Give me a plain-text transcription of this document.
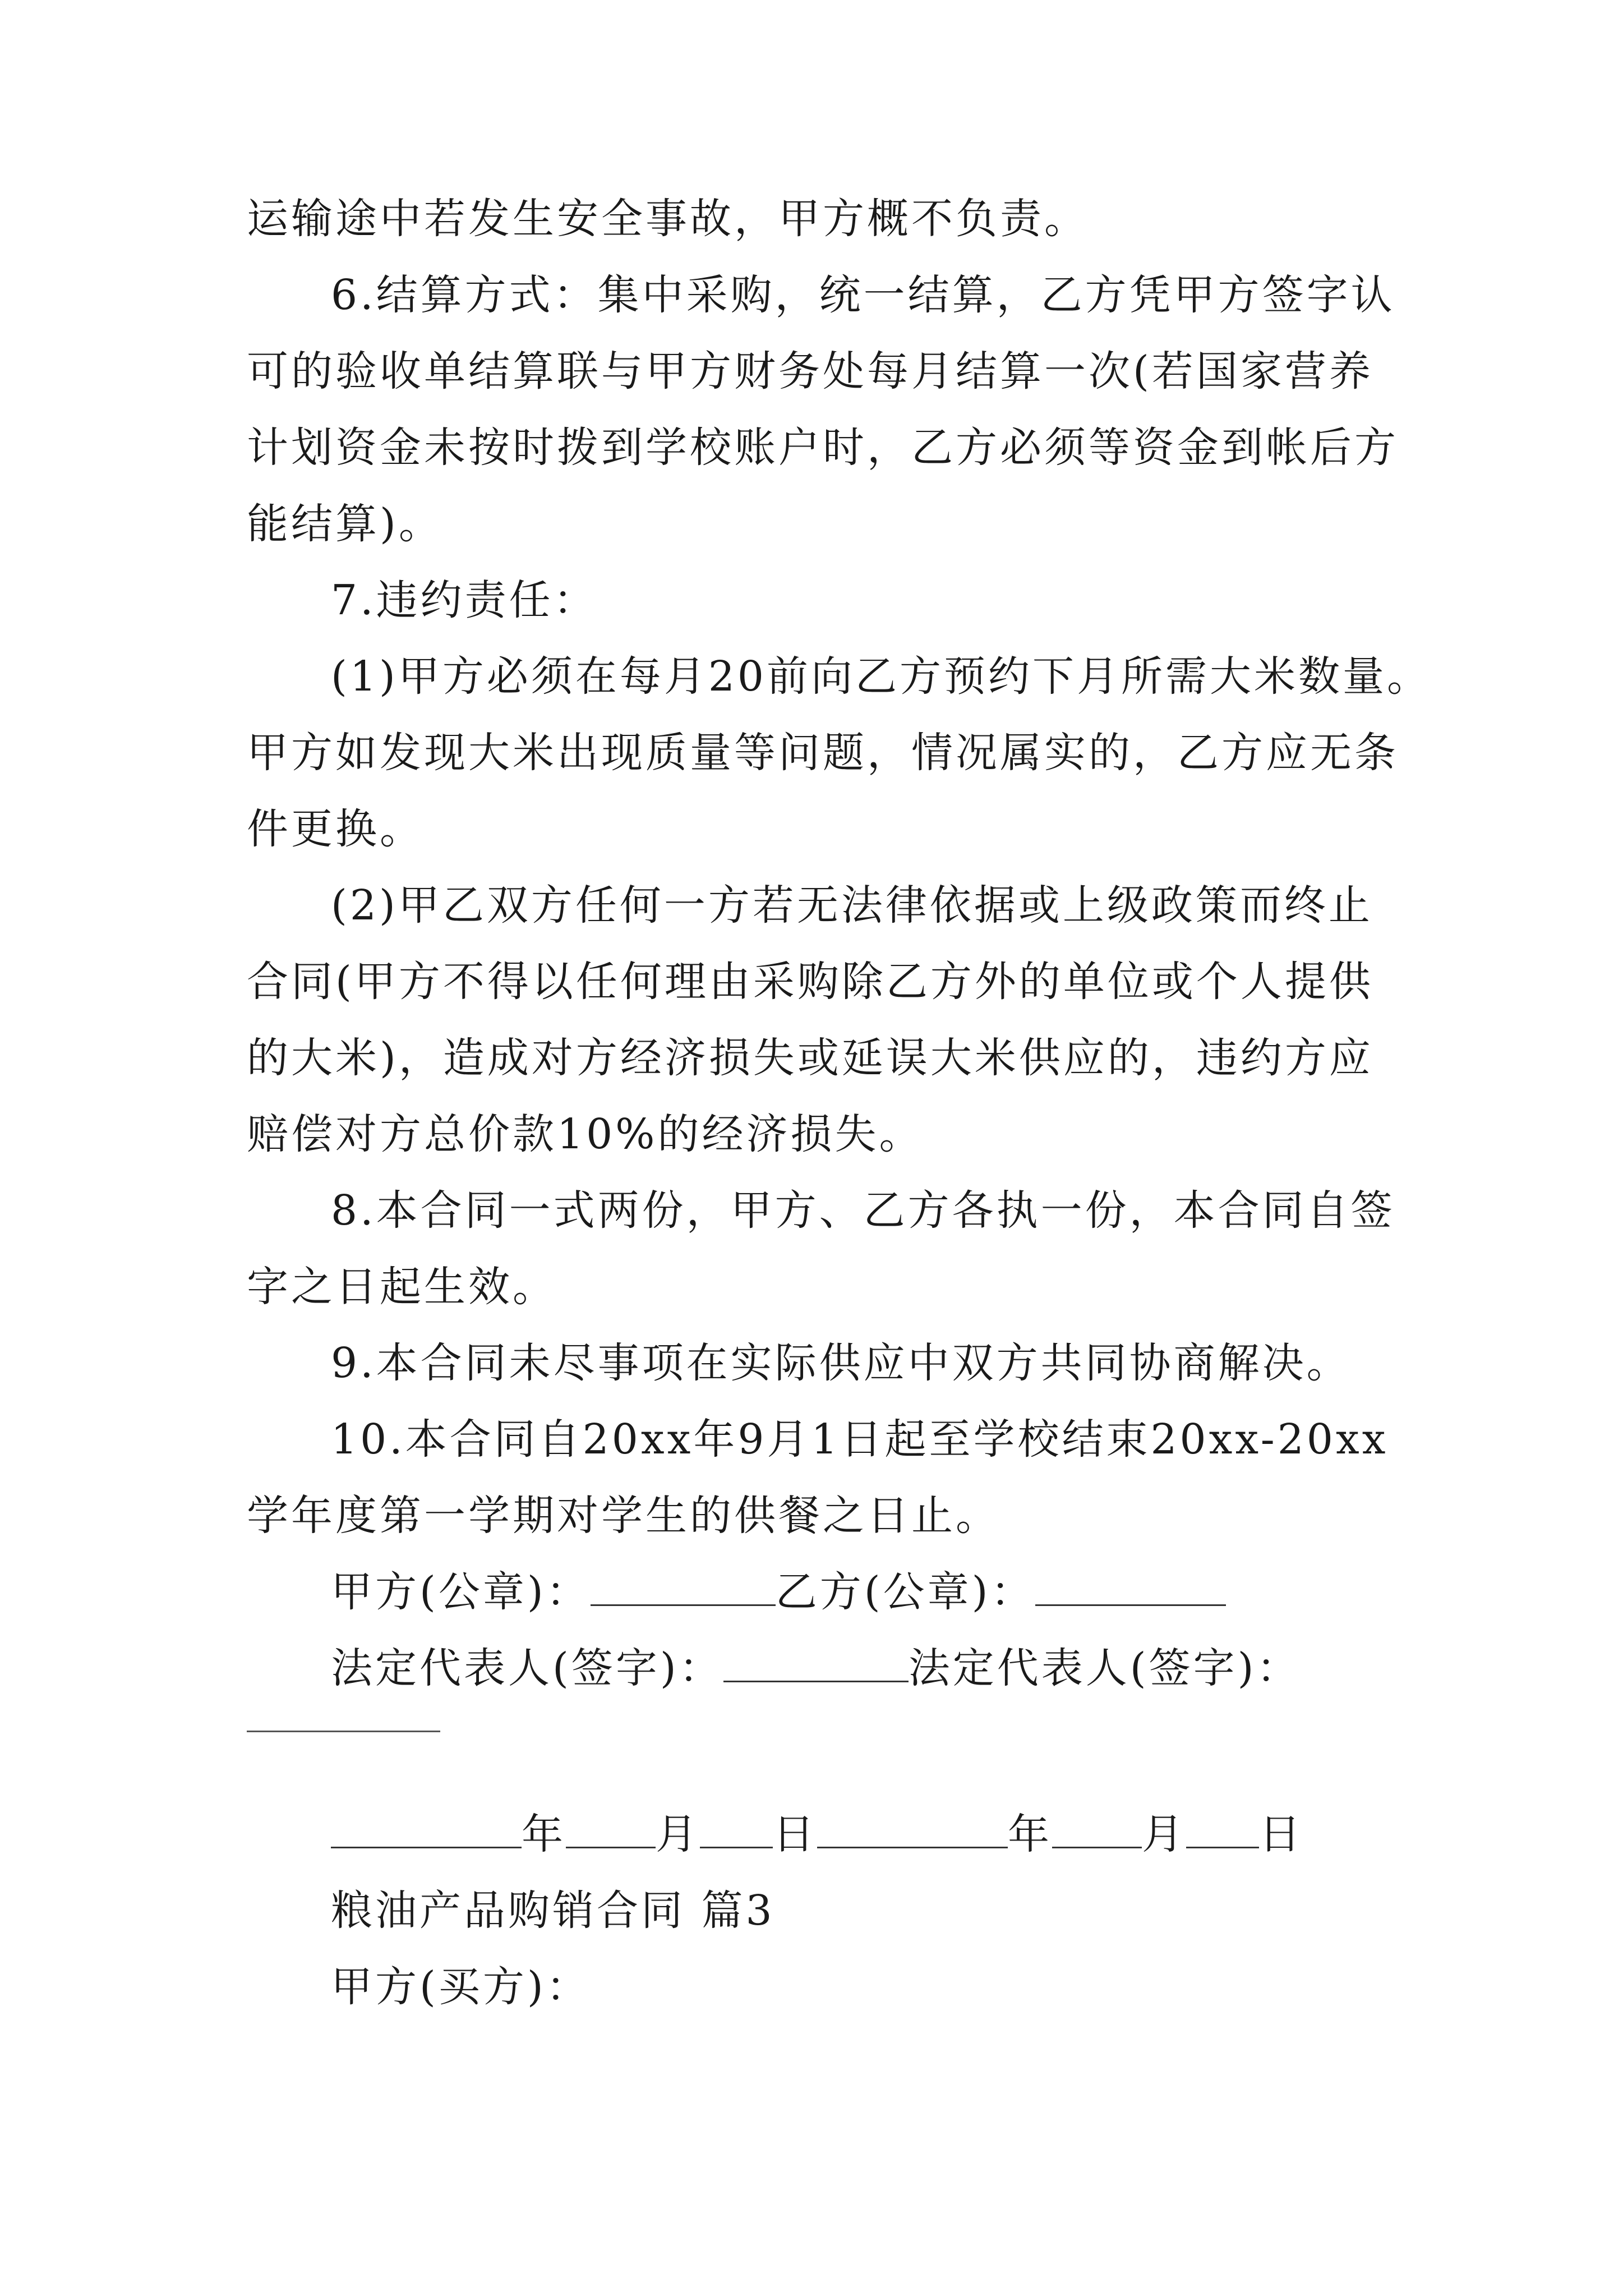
运输途中若发生安全事故，甲方概不负责。
6.结算方式：集中采购，统一结算，乙方凭甲方签字认
可的验收单结算联与甲方财务处每月结算一次(若国家营养
计划资金未按时拨到学校账户时，乙方必须等资金到帐后方
能结算)。
7.违约责任：
(1)甲方必须在每月20前向乙方预约下月所需大米数量。
甲方如发现大米出现质量等问题，情况属实的，乙方应无条
件更换。
(2)甲乙双方任何一方若无法律依据或上级政策而终止
合同(甲方不得以任何理由采购除乙方外的单位或个人提供
的大米)，造成对方经济损失或延误大米供应的，违约方应
赔偿对方总价款10%的经济损失。
8.本合同一式两份，甲方、乙方各执一份，本合同自签
字之日起生效。
9.本合同未尽事项在实际供应中双方共同协商解决。
10.本合同自20xx年9月1日起至学校结束20xx-20xx
学年度第一学期对学生的供餐之日止。
甲方(公章)：	乙方(公章)：
法定代表人(签字)：	法定代表人(签字)：
年 月 日	年 月 日
粮油产品购销合同 篇3
甲方(买方)：
